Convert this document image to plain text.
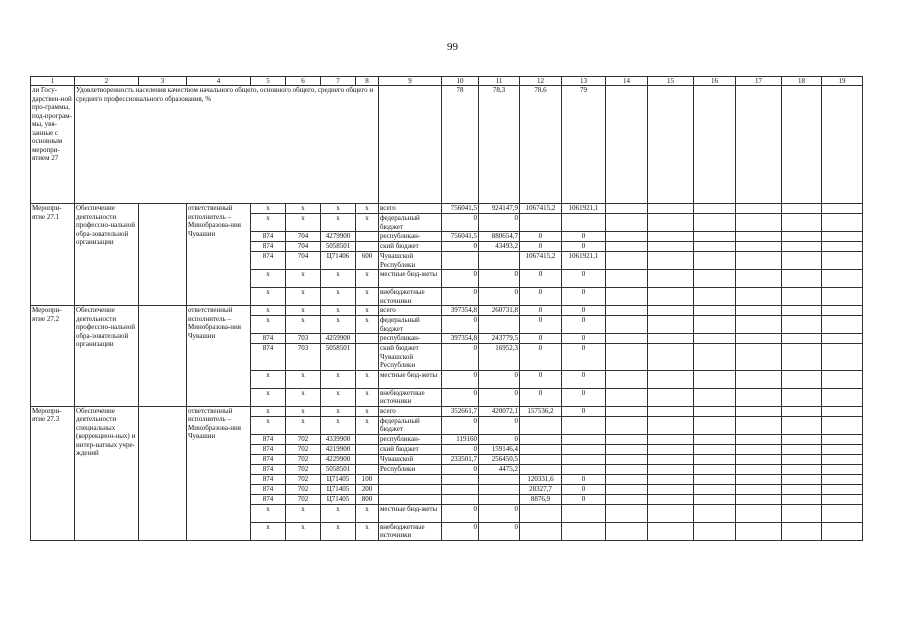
99
1	2	3	4	5	6	7	8	9	10	11	12	13	14	15	16	17	18	19
ли Госу-дарствен-ной про-граммы, под-програм-мы, увя-занные с основным меропри-ятием 27	Удовлетворенность населения качеством начального общего, основного общего, среднего общего и среднего профессионального образования, %								78	78,3	78,6	79						
Меропри-ятие 27.1	Обеспечение деятельности профессио-нальной обра-зовательной организации		ответственный исполнитель – Минобразова-ния Чувашии	x	x	x	x	всего	756041,5	924147,9	1067415,2	1061921,1						
				x	x	x	x	федеральный бюджет	0	0								
				874	704	4279900		республикан-	756041,5	880654,7	0	0						
				874	704	5058501		ский бюджет	0	43493,2	0	0						
				874	704	Ц71406	600	Чувашской Республики			1067415,2	1061921,1						
				x	x	x	x	местные бюд-жеты	0	0	0	0						
				x	x	x	x	внебюджетные источники	0	0	0	0						
Меропри-ятие 27.2	Обеспечение деятельности профессио-нальной обра-зовательной организации		ответственный исполнитель – Минобразова-ния Чувашии	x	x	x	x	всего	397354,8	260731,8	0	0						
				x	x	x	x	федеральный бюджет	0		0	0						
				874	703	4259900		республикан-	397354,8	243779,5	0	0						
				874	703	5058501		ский бюджет Чувашской Республики	0	16952,3	0	0						
				x	x	x	x	местные бюд-жеты	0	0	0	0						
				x	x	x	x	внебюджетные источники	0	0	0	0						
Меропри-ятие 27.3	Обеспечение деятельности специальных (коррекцион-ных) и интер-натных учре-ждений		ответственный исполнитель – Минобразова-ния Чувашии	x	x	x	x	всего	352661,7	420072,1	157536,2	0						
				x	x	x	x	федеральный бюджет	0	0								
				874	702	4339900		республикан-	119160	0								
				874	702	4219900		ский бюджет	0	159146,4								
				874	702	4229900		Чувашской	233501,7	256450,5								
				874	702	5058501		Республики	0	4475,2								
				874	702	Ц71405	100				120331,6	0						
				874	702	Ц71405	200				28327,7	0						
				874	702	Ц71405	800				8876,9	0						
				x	x	x	x	местные бюд-жеты	0	0								
				x	x	x	x	внебюджетные источники	0	0								
